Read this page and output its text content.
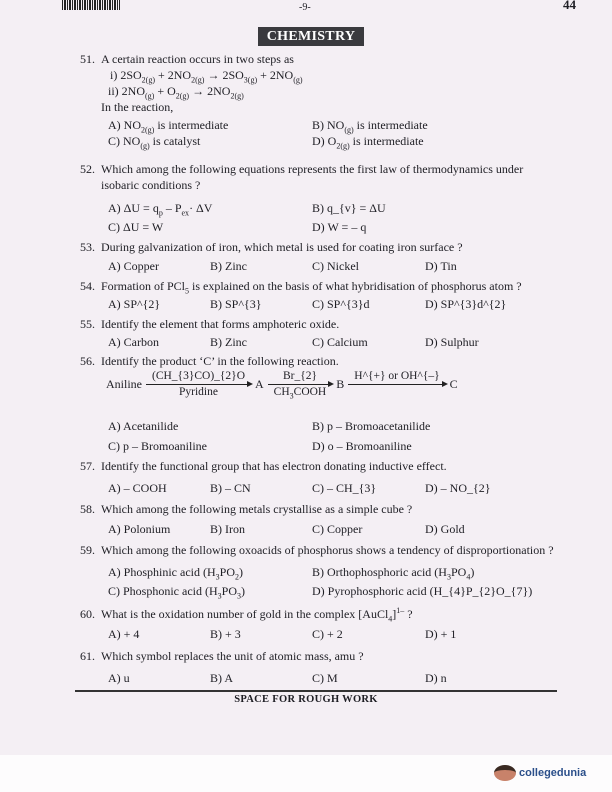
-9-	44
CHEMISTRY
51. A certain reaction occurs in two steps as
i) $2SO_{2(g)} + 2NO_{2(g)} \to 2SO_{3(g)} + 2NO_{(g)}$
ii) $2NO_{(g)} + O_{2(g)} \to 2NO_{2(g)}$
In the reaction,
A) $NO_{2(g)}$ is intermediate	B) $NO_{(g)}$ is intermediate
C) $NO_{(g)}$ is catalyst	D) $O_{2(g)}$ is intermediate
52. Which among the following equations represents the first law of thermodynamics under
isobaric conditions ?
A) $\Delta U = q_p - P_{ex}\cdot \Delta V$	B) q_{v} = ΔU
C) ΔU = W	D) W = – q
53. During galvanization of iron, which metal is used for coating iron surface ?
A) Copper	B) Zinc	C) Nickel	D) Tin
54. Formation of PCl$_5$ is explained on the basis of what hybridisation of phosphorus atom ?
A) SP^{2}	B) SP^{3}	C) SP^{3}d	D) SP^{3}d^{2}
55. Identify the element that forms amphoteric oxide.
A) Carbon	B) Zinc	C) Calcium	D) Sulphur
56. Identify the product ‘C’ in the following reaction.
A) Acetanilide	B) p – Bromoacetanilide
C) p – Bromoaniline	D) o – Bromoaniline
57. Identify the functional group that has electron donating inductive effect.
A) – COOH	B) – CN	C) – CH_{3}	D) – NO_{2}
58. Which among the following metals crystallise as a simple cube ?
A) Polonium	B) Iron	C) Copper	D) Gold
59. Which among the following oxoacids of phosphorus shows a tendency of disproportionation ?
A) Phosphinic acid $(H_3PO_2)$	B) Orthophosphoric acid $(H_3PO_4)$
C) Phosphonic acid $(H_3PO_3)$	D) Pyrophosphoric acid (H_{4}P_{2}O_{7})
60. What is the oxidation number of gold in the complex [AuCl$_4$]$^{1-}$ ?
A) + 4	B) + 3	C) + 2	D) + 1
61. Which symbol replaces the unit of atomic mass, amu ?
A) u	B) A	C) M	D) n
Aniline
(CH_{3}CO)_{2}O
Pyridine
A
Br_{2}
$CH_3COOH$
B
H^{+} or OH^{–}
C
SPACE FOR ROUGH WORK
collegedunia
